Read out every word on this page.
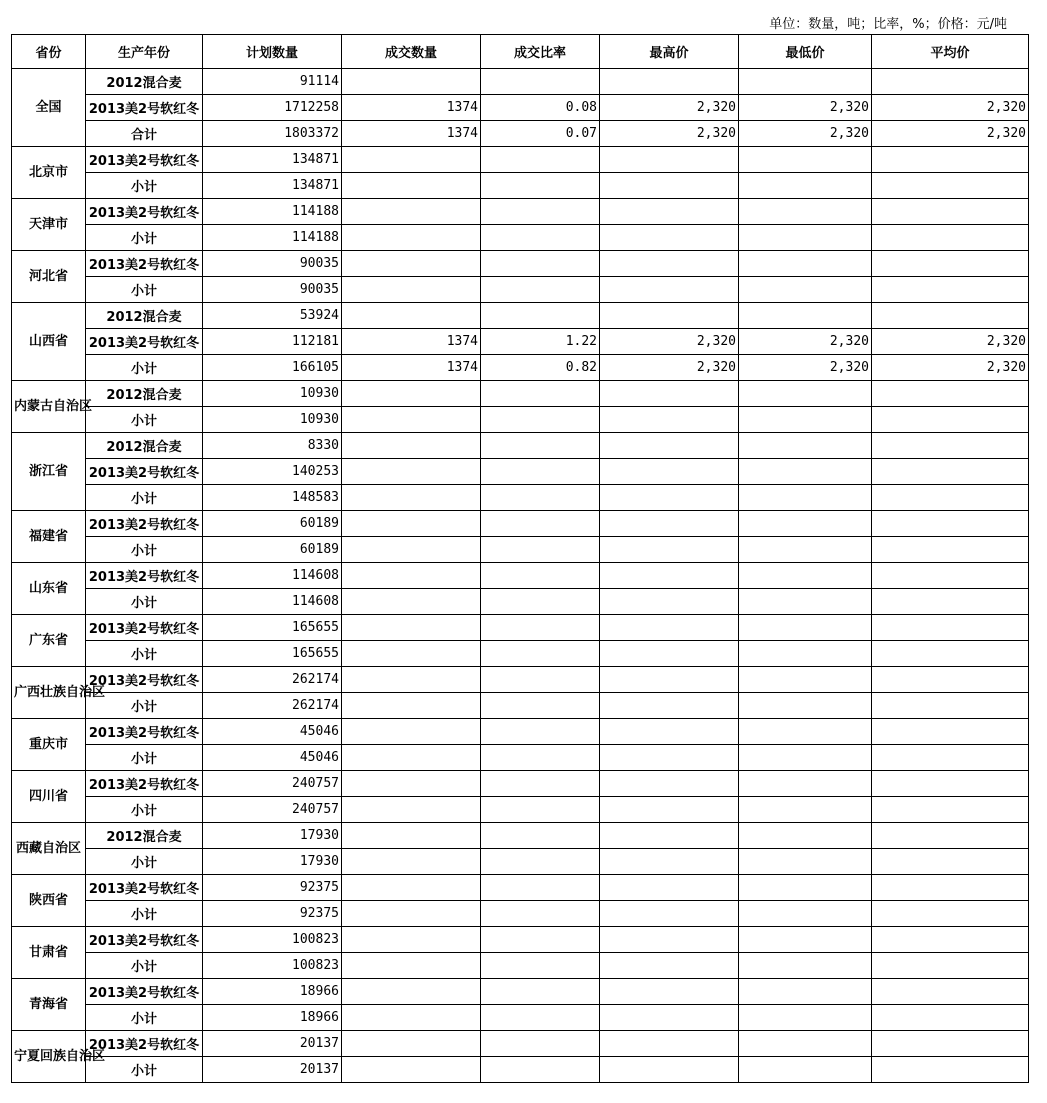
单位：数量，吨；比率，%；价格：元/吨
省份	生产年份	计划数量	成交数量	成交比率	最高价	最低价	平均价
全国	2012混合麦	91114					
	2013美2号软红冬	1712258	1374	0.08	2,320	2,320	2,320
	合计	1803372	1374	0.07	2,320	2,320	2,320
北京市	2013美2号软红冬	134871					
	小计	134871					
天津市	2013美2号软红冬	114188					
	小计	114188					
河北省	2013美2号软红冬	90035					
	小计	90035					
山西省	2012混合麦	53924					
	2013美2号软红冬	112181	1374	1.22	2,320	2,320	2,320
	小计	166105	1374	0.82	2,320	2,320	2,320
内蒙古自治区	2012混合麦	10930					
	小计	10930					
浙江省	2012混合麦	8330					
	2013美2号软红冬	140253					
	小计	148583					
福建省	2013美2号软红冬	60189					
	小计	60189					
山东省	2013美2号软红冬	114608					
	小计	114608					
广东省	2013美2号软红冬	165655					
	小计	165655					
广西壮族自治区	2013美2号软红冬	262174					
	小计	262174					
重庆市	2013美2号软红冬	45046					
	小计	45046					
四川省	2013美2号软红冬	240757					
	小计	240757					
西藏自治区	2012混合麦	17930					
	小计	17930					
陕西省	2013美2号软红冬	92375					
	小计	92375					
甘肃省	2013美2号软红冬	100823					
	小计	100823					
青海省	2013美2号软红冬	18966					
	小计	18966					
宁夏回族自治区	2013美2号软红冬	20137					
	小计	20137					
